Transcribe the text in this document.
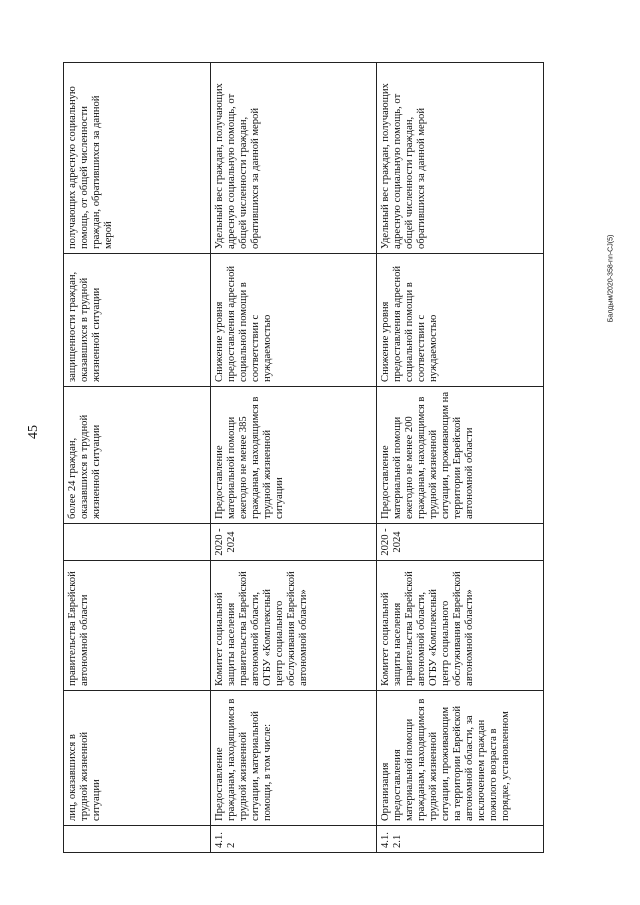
45
Балдым/2020-358-nn-CJ(5)
	лиц, оказавшихся в трудной жизненной ситуации	правительства Еврейской автономной области		более 24 граждан, оказавшихся в трудной жизненной ситуации	защищенности граждан, оказавшихся в трудной жизненной ситуации	получающих адресную социальную помощь, от общей численности граждан, обратившихся за данной мерой
4.1.2	Предоставление гражданам, находящимся в трудной жизненной ситуации, материальной помощи, в том числе:	Комитет социальной защиты населения правительства Еврейской автономной области, ОГБУ «Комплексный центр социального обслуживания Еврейской автономной области»	2020 - 2024	Предоставление материальной помощи ежегодно не менее 385 гражданам, находящимся в трудной жизненной ситуации	Снижение уровня предоставления адресной социальной помощи в соответствии с нуждаемостью	Удельный вес граждан, получающих адресную социальную помощь, от общей численности граждан, обратившихся за данной мерой
4.1.2.1	Организация предоставления материальной помощи гражданам, находящимся в трудной жизненной ситуации, проживающим на территории Еврейской автономной области, за исключением граждан пожилого возраста в порядке, установленном	Комитет социальной защиты населения правительства Еврейской автономной области, ОГБУ «Комплексный центр социального обслуживания Еврейской автономной области»	2020 - 2024	Предоставление материальной помощи ежегодно не менее 200 гражданам, находящимся в трудной жизненной ситуации, проживающим на территории Еврейской автономной области	Снижение уровня предоставления адресной социальной помощи в соответствии с нуждаемостью	Удельный вес граждан, получающих адресную социальную помощь, от общей численности граждан, обратившихся за данной мерой
